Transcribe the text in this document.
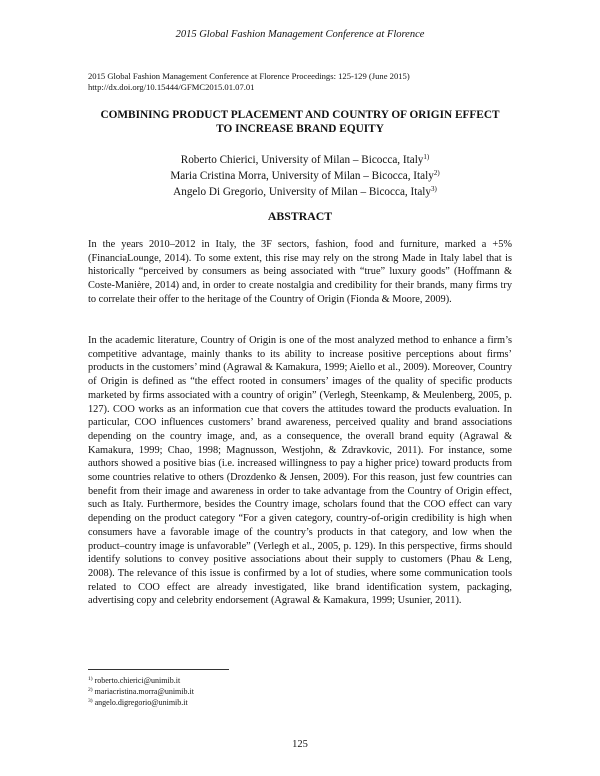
2015 Global Fashion Management Conference at Florence
2015 Global Fashion Management Conference at Florence Proceedings: 125-129 (June 2015)
http://dx.doi.org/10.15444/GFMC2015.01.07.01
COMBINING PRODUCT PLACEMENT AND COUNTRY OF ORIGIN EFFECT
TO INCREASE BRAND EQUITY
Roberto Chierici, University of Milan – Bicocca, Italy$^{1)}$
Maria Cristina Morra, University of Milan – Bicocca, Italy$^{2)}$
Angelo Di Gregorio, University of Milan – Bicocca, Italy$^{3)}$
ABSTRACT

In the years 2010–2012 in Italy, the 3F sectors, fashion, food and furniture, marked a +5% (FinanciaLounge, 2014). To some extent, this rise may rely on the strong Made in Italy label that is historically “perceived by consumers as being associated with “true” luxury goods” (Hoffmann & Coste-Manière, 2014) and, in order to create nostalgia and credibility for their brands, many firms try to correlate their offer to the heritage of the Country of Origin (Fionda & Moore, 2009).

In the academic literature, Country of Origin is one of the most analyzed method to enhance a firm’s competitive advantage, mainly thanks to its ability to increase positive perceptions about firms’ products in the customers’ mind (Agrawal & Kamakura, 1999; Aiello et al., 2009). Moreover, Country of Origin is defined as “the effect rooted in consumers’ images of the quality of specific products marketed by firms associated with a country of origin” (Verlegh, Steenkamp, & Meulenberg, 2005, p. 127). COO works as an information cue that covers the attitudes toward the products evaluation. In particular, COO influences customers’ brand awareness, perceived quality and brand associations depending on the country image, and, as a consequence, the overall brand equity (Agrawal & Kamakura, 1999; Chao, 1998; Magnusson, Westjohn, & Zdravkovic, 2011). For instance, some authors showed a positive bias (i.e. increased willingness to pay a higher price) toward products from some countries relative to others (Drozdenko & Jensen, 2009). For this reason, just few countries can benefit from their image and awareness in order to take advantage from the Country of Origin effect, such as Italy. Furthermore, besides the Country image, scholars found that the COO effect can vary depending on the product category “For a given category, country-of-origin credibility is high when consumers have a favorable image of the country’s products in that category, and low when the product–country image is unfavorable” (Verlegh et al., 2005, p. 129). In this perspective, firms should identify solutions to convey positive associations about their supply to customers (Phau & Leng, 2008). The relevance of this issue is confirmed by a lot of studies, where some communication tools related to COO effect are already investigated, like brand identification system, packaging, advertising copy and celebrity endorsement (Agrawal & Kamakura, 1999; Usunier, 2011).

$^{1)}$ roberto.chierici@unimib.it
$^{2)}$ mariacristina.morra@unimib.it
$^{3)}$ angelo.digregorio@unimib.it
125
